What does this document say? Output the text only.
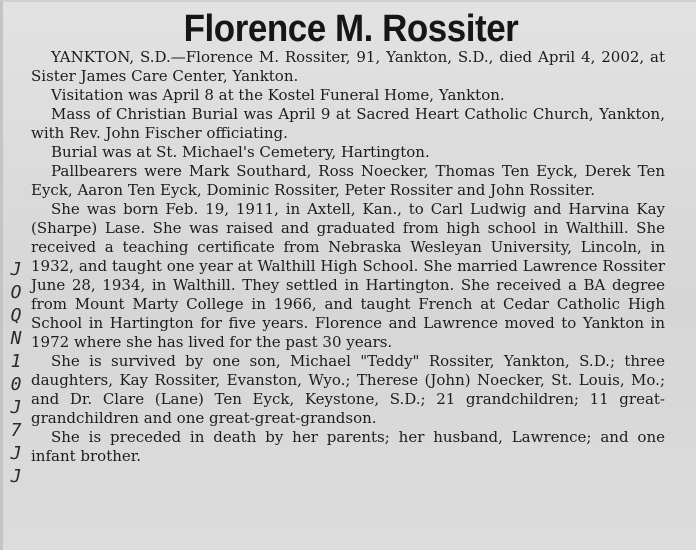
Florence M. Rossiter
J
O
Q
N
1
0
J
7
J
J

YANKTON, S.D.—Florence M. Rossiter, 91, Yankton, S.D., died April 4, 2002, at Sister James Care Center, Yankton.

Visitation was April 8 at the Kostel Funeral Home, Yankton.

Mass of Christian Burial was April 9 at Sacred Heart Catholic Church, Yankton, with Rev. John Fischer officiating.

Burial was at St. Michael's Cemetery, Hartington.

Pallbearers were Mark Southard, Ross Noecker, Thomas Ten Eyck, Derek Ten Eyck, Aaron Ten Eyck, Dominic Rossiter, Peter Rossiter and John Rossiter.

She was born Feb. 19, 1911, in Axtell, Kan., to Carl Ludwig and Harvina Kay (Sharpe) Lase. She was raised and graduated from high school in Walthill. She received a teaching certificate from Nebraska Wesleyan University, Lincoln, in 1932, and taught one year at Walthill High School. She married Lawrence Rossiter June 28, 1934, in Walthill. They settled in Hartington. She received a BA degree from Mount Marty College in 1966, and taught French at Cedar Catholic High School in Hartington for five years. Florence and Lawrence moved to Yankton in 1972 where she has lived for the past 30 years.

She is survived by one son, Michael "Teddy" Rossiter, Yankton, S.D.; three daughters, Kay Rossiter, Evanston, Wyo.; Therese (John) Noecker, St. Louis, Mo.; and Dr. Clare (Lane) Ten Eyck, Keystone, S.D.; 21 grandchildren; 11 great-grandchildren and one great-great-grandson.

She is preceded in death by her parents; her husband, Lawrence; and one infant brother.
